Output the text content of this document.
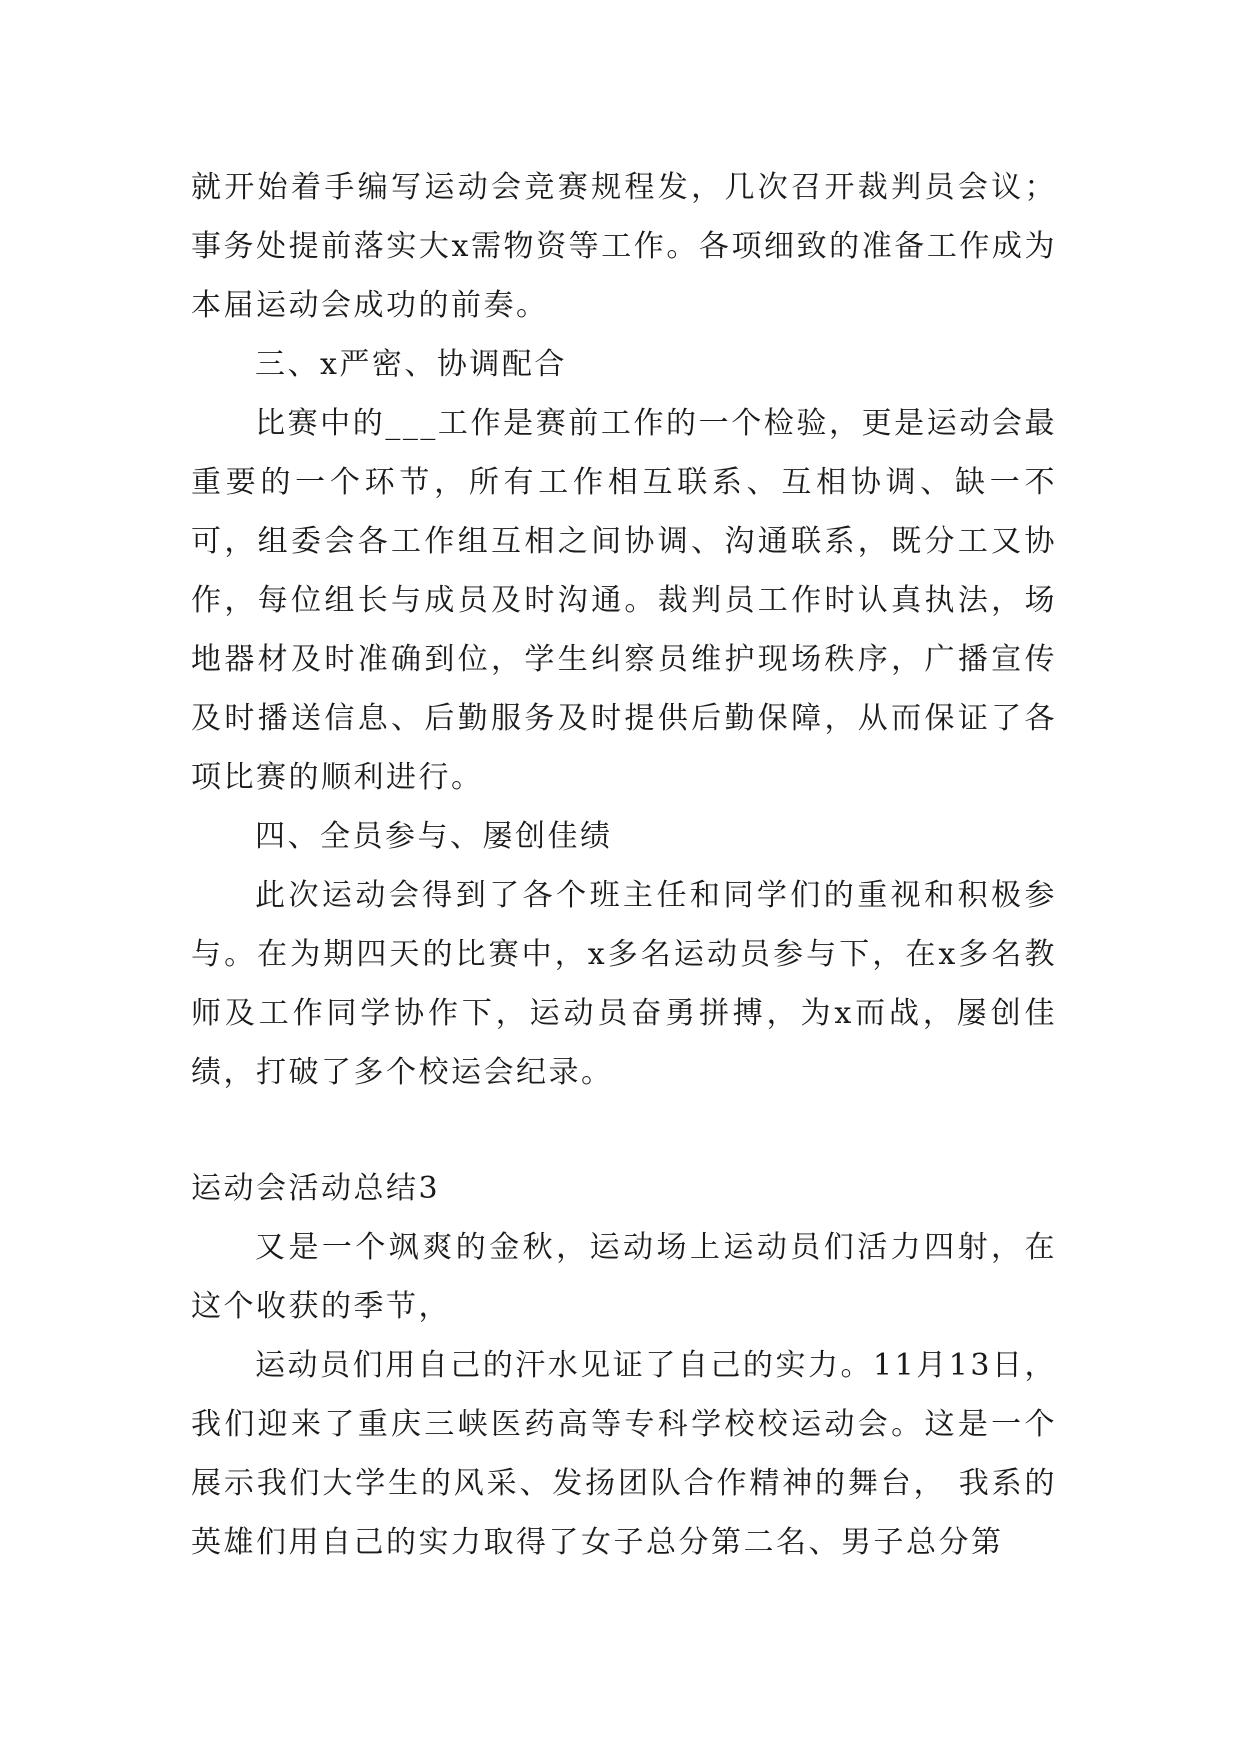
就开始着手编写运动会竞赛规程发，几次召开裁判员会议；事务处提前落实大x需物资等工作。各项细致的准备工作成为本届运动会成功的前奏。

三、x严密、协调配合

比赛中的___工作是赛前工作的一个检验，更是运动会最重要的一个环节，所有工作相互联系、互相协调、缺一不可，组委会各工作组互相之间协调、沟通联系，既分工又协作，每位组长与成员及时沟通。裁判员工作时认真执法，场地器材及时准确到位，学生纠察员维护现场秩序，广播宣传及时播送信息、后勤服务及时提供后勤保障，从而保证了各项比赛的顺利进行。

四、全员参与、屡创佳绩

此次运动会得到了各个班主任和同学们的重视和积极参与。在为期四天的比赛中，x多名运动员参与下，在x多名教师及工作同学协作下，运动员奋勇拼搏，为x而战，屡创佳绩，打破了多个校运会纪录。

运动会活动总结3

又是一个飒爽的金秋，运动场上运动员们活力四射，在这个收获的季节，

运动员们用自己的汗水见证了自己的实力。11月13日，我们迎来了重庆三峡医药高等专科学校校运动会。这是一个展示我们大学生的风采、发扬团队合作精神的舞台， 我系的英雄们用自己的实力取得了女子总分第二名、男子总分第
